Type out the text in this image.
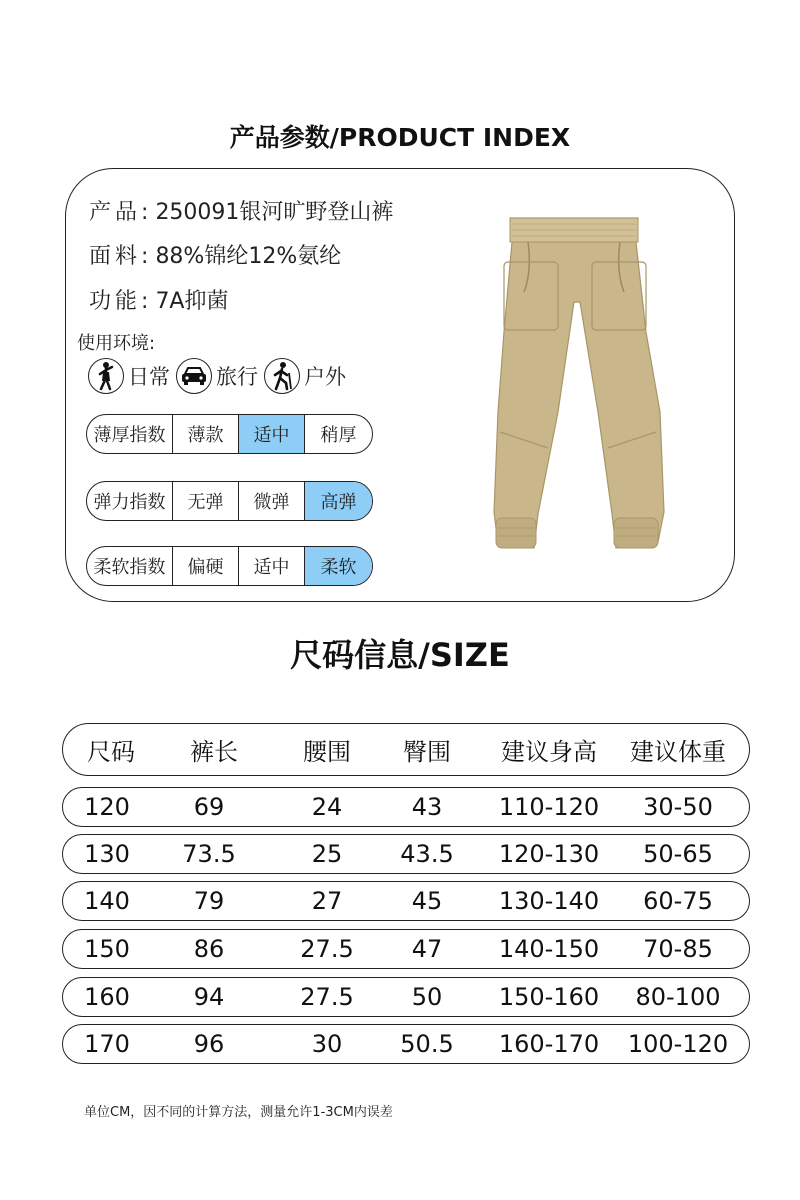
产品参数/PRODUCT INDEX
产品: 250091银河旷野登山裤
面料: 88%锦纶12%氨纶
功能: 7A抑菌
使用环境:
日常 旅行 户外
薄厚指数	薄款	适中	稍厚
弹力指数	无弹	微弹	高弹
柔软指数	偏硬	适中	柔软
尺码信息/SIZE
尺码	裤长	腰围	臀围	建议身高	建议体重
120	69	24	43	110-120	30-50
130	73.5	25	43.5	120-130	50-65
140	79	27	45	130-140	60-75
150	86	27.5	47	140-150	70-85
160	94	27.5	50	150-160	80-100
170	96	30	50.5	160-170	100-120
单位CM，因不同的计算方法，测量允许1-3CM内误差
